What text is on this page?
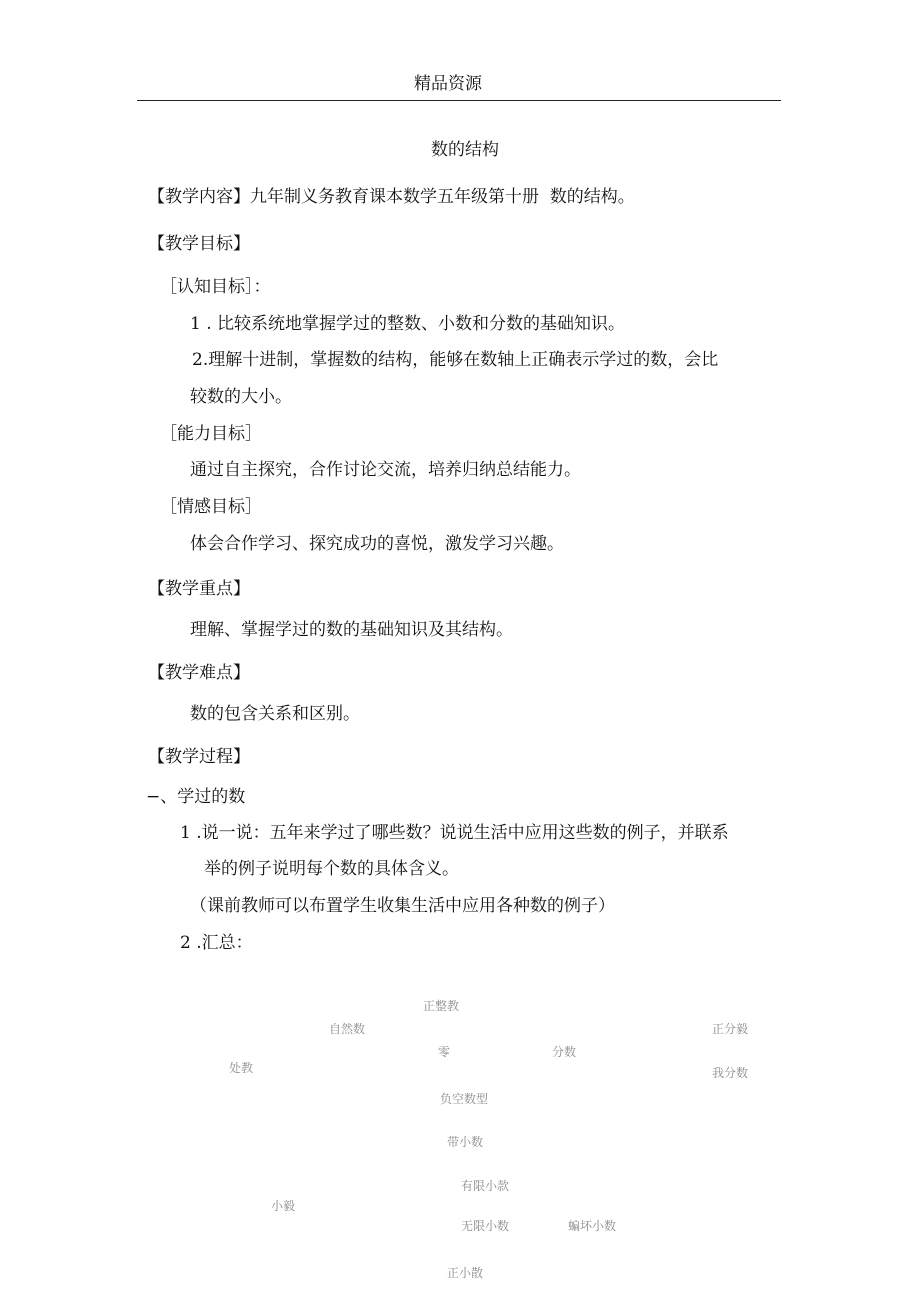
精品资源
数的结构
【教学内容】九年制义务教育课本数学五年级第十册  数的结构。
【教学目标】
［认知目标］：
1 . 比较系统地掌握学过的整数、小数和分数的基础知识。
2.理解十进制，掌握数的结构，能够在数轴上正确表示学过的数，会比
较数的大小。
［能力目标］
通过自主探究，合作讨论交流，培养归纳总结能力。
［情感目标］
体会合作学习、探究成功的喜悦，激发学习兴趣。
【教学重点】
理解、掌握学过的数的基础知识及其结构。
【教学难点】
数的包含关系和区别。
【教学过程】
−、学过的数
1 .说一说：五年来学过了哪些数？说说生活中应用这些数的例子，并联系
举的例子说明每个数的具体含义。
（课前教师可以布置学生收集生活中应用各种数的例子）
2 .汇总：
正整教
自然数	正分毅
零	分数
处教	我分数
负空数型
带小数
有限小款
小毅
无限小数	蝙坏小数
正小散
